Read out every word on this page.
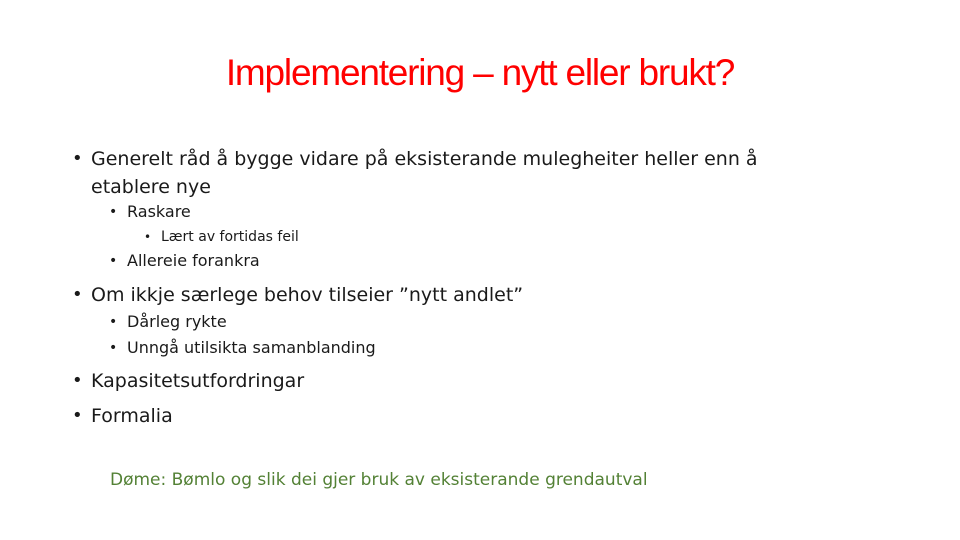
Implementering – nytt eller brukt?
• Generelt råd å bygge vidare på eksisterande mulegheiter heller enn å
etablere nye
• Raskare
• Lært av fortidas feil
• Allereie forankra
• Om ikkje særlege behov tilseier ”nytt andlet”
• Dårleg rykte
• Unngå utilsikta samanblanding
• Kapasitetsutfordringar
• Formalia
Døme: Bømlo og slik dei gjer bruk av eksisterande grendautval
